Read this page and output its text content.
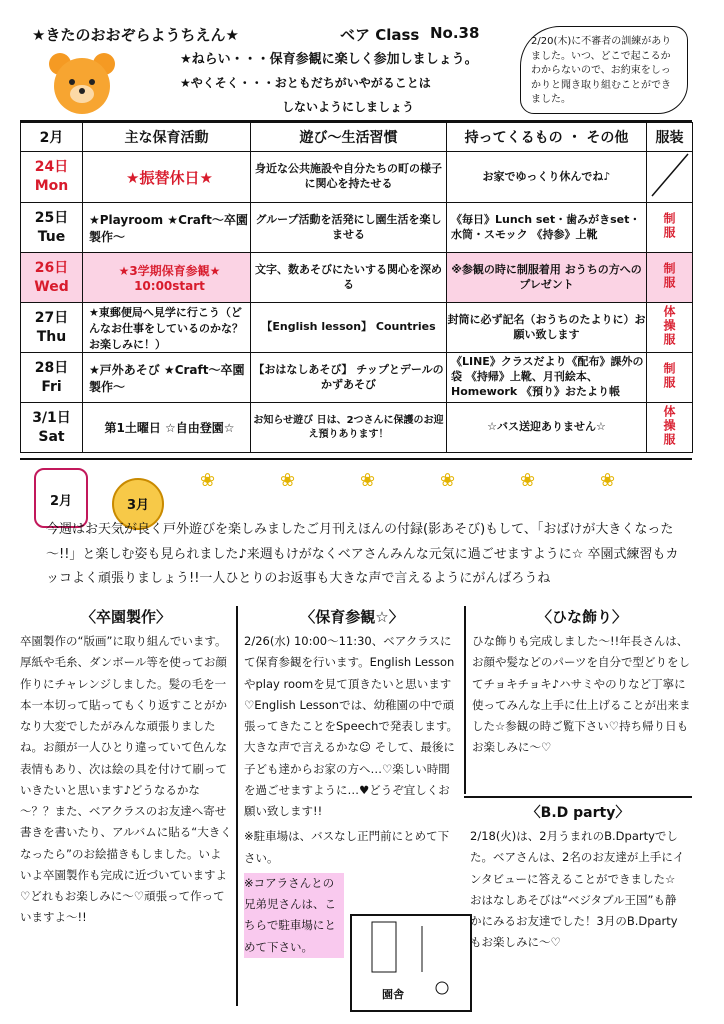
★きたのおおぞらようちえん★	ベア Class No.38
★ねらい・・・保育参観に楽しく参加しましょう。
★やくそく・・・おともだちがいやがることは
しないようにしましょう
2/20(木)に不審者の訓練がありました。いつ、どこで起こるかわからないので、お約束をしっかりと聞き取り組むことができました。
2月	主な保育活動	遊び～生活習慣	持ってくるもの ・ その他	服装

24日
Mon	★振替休日★	身近な公共施設や自分たちの町の様子に関心を持たせる	お家でゆっくり休んでね♪	

25日
Tue	★Playroom ★Craft～卒園製作～	グループ活動を活発にし園生活を楽しませる	《毎日》Lunch set・歯みがきset・水筒・スモック 《持参》上靴	制服

26日
Wed	★3学期保育参観★ 10:00start	文字、数あそびにたいする関心を深める	※参観の時に制服着用 おうちの方へのプレゼント	制服

27日
Thu	★東郵便局へ見学に行こう（どんなお仕事をしているのかな？お楽しみに！）	【English lesson】 Countries	封筒に必ず記名（おうちのたよりに）お願い致します	体操服

28日
Fri	★戸外あそび ★Craft～卒園製作～	【おはなしあそび】 チップとデールの かずあそび	《LINE》クラスだより《配布》課外の袋 《持帰》上靴、月刊絵本、Homework 《預り》おたより帳	制服

3/1日
Sat	第1土曜日 ☆自由登園☆	お知らせ遊び 日は、2つさんに保護のお迎え預りあります！	☆バス送迎ありません☆	体操服
2月	3月
❀	❀	❀	❀	❀	❀
今週はお天気が良く戸外遊びを楽しみましたご月刊えほんの付録(影あそび)もして、「おばけが大きくなった～!!」と楽しむ姿も見られました♪来週もけがなくベアさんみんな元気に過ごせますように☆ 卒園式練習もカッコよく頑張りましょう!!一人ひとりのお返事も大きな声で言えるようにがんばろうね
〈卒園製作〉

卒園製作の“版画”に取り組んでいます。厚紙や毛糸、ダンボール等を使ってお顔作りにチャレンジしました。髪の毛を一本一本切って貼ってもくり返すことがかなり大変でしたがみんな頑張りましたね。お顔が一人ひとり違っていて色んな表情もあり、次は絵の具を付けて刷っていきたいと思います♪どうなるかな～？？また、ベアクラスのお友達へ寄せ書きを書いたり、アルバムに貼る“大きくなったら”のお絵描きもしました。いよいよ卒園製作も完成に近づいていますよ♡どれもお楽しみに～♡頑張って作っていますよ～!!

〈保育参観☆〉

2/26(水) 10:00～11:30、ベアクラスにて保育参観を行います。English Lessonやplay roomを見て頂きたいと思います♡English Lessonでは、幼稚園の中で頑張ってきたことをSpeechで発表します。大きな声で言えるかな☺ そして、最後に子ども達からお家の方へ…♡楽しい時間を過ごせますように…♥どうぞ宜しくお願い致します!!

※駐車場は、バスなし正門前にとめて下さい。

※コアラさんとの兄弟児さんは、こちらで駐車場にとめて下さい。

園舎
〈ひな飾り〉

ひな飾りも完成しました～!!年長さんは、お顔や髪などのパーツを自分で型どりをしてチョキチョキ♪ハサミやのりなど丁寧に使ってみんな上手に仕上げることが出来ました☆参観の時ご覧下さい♡持ち帰り日もお楽しみに～♡

〈B.D party〉

2/18(火)は、2月うまれのB.Dpartyでした。ベアさんは、2名のお友達が上手にインタビューに答えることができました☆おはなしあそびは“ベジタブル王国”も静かにみるお友達でした！3月のB.Dpartyもお楽しみに～♡
